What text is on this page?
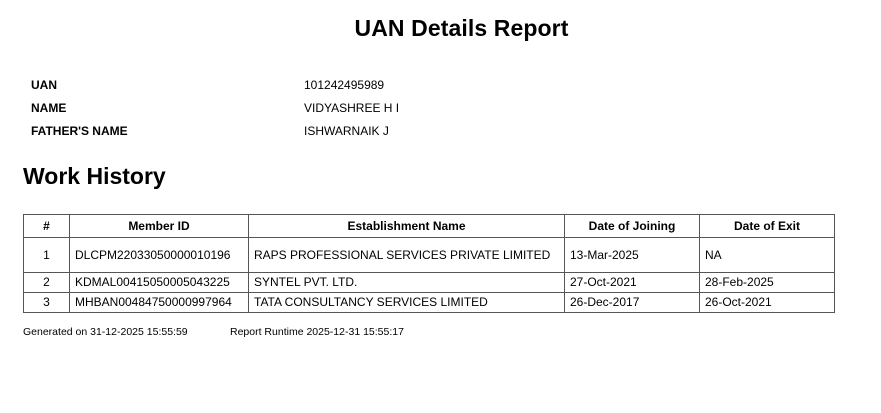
UAN Details Report
UAN	101242495989
NAME	VIDYASHREE H I
FATHER'S NAME	ISHWARNAIK J
Work History
#	Member ID	Establishment Name	Date of Joining	Date of Exit
1	DLCPM22033050000010196	RAPS PROFESSIONAL SERVICES PRIVATE LIMITED	13-Mar-2025	NA
2	KDMAL00415050005043225	SYNTEL PVT. LTD.	27-Oct-2021	28-Feb-2025
3	MHBAN00484750000997964	TATA CONSULTANCY SERVICES LIMITED	26-Dec-2017	26-Oct-2021
Generated on 31-12-2025 15:55:59	Report Runtime 2025-12-31 15:55:17
